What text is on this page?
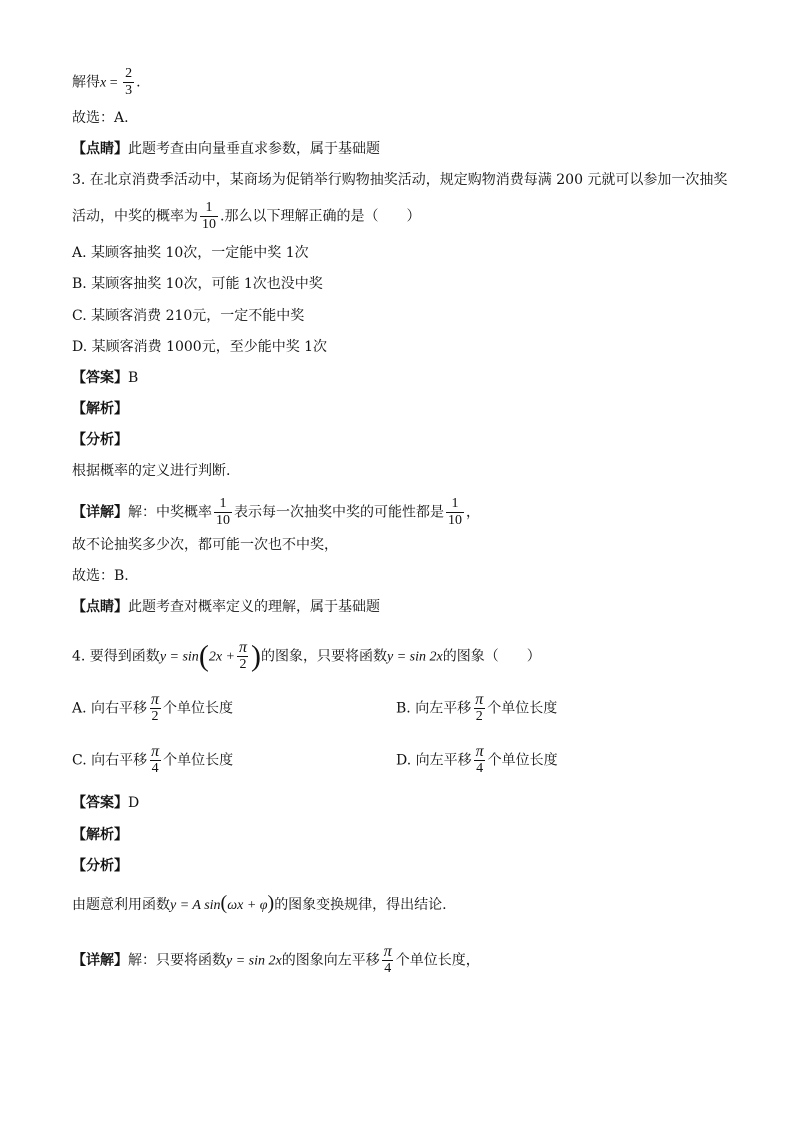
解得$x = \frac{2}{3}$ .
故选：A.
【点睛】此题考查由向量垂直求参数，属于基础题
3. 在北京消费季活动中，某商场为促销举行购物抽奖活动，规定购物消费每满 200 元就可以参加一次抽奖
活动，中奖的概率为 $\frac{1}{10}$ .那么以下理解正确的是（　　）
A. 某顾客抽奖 10次，一定能中奖 1次
B. 某顾客抽奖 10次，可能 1次也没中奖
C. 某顾客消费 210元，一定不能中奖
D. 某顾客消费 1000元，至少能中奖 1次
【答案】B
【解析】
【分析】
根据概率的定义进行判断.
【详解】解：中奖概率 $\frac{1}{10}$ 表示每一次抽奖中奖的可能性都是 $\frac{1}{10}$ ，
故不论抽奖多少次，都可能一次也不中奖，
故选：B.
【点睛】此题考查对概率定义的理解，属于基础题
4. 要得到函数$y = \sin(2x + \frac{\pi}{2}$ )的图象，只要将函数y = sin 2x的图象（　　）
A. 向右平移 $\frac{\pi}{2}$ 个单位长度	B. 向左平移 $\frac{\pi}{2}$ 个单位长度
C. 向右平移 $\frac{\pi}{4}$ 个单位长度	D. 向左平移 $\frac{\pi}{4}$ 个单位长度
【答案】D
【解析】
【分析】
由题意利用函数y = A sin(ωx + φ)的图象变换规律，得出结论.
【详解】解：只要将函数y = sin 2x的图象向左平移 $\frac{\pi}{4}$ 个单位长度，
